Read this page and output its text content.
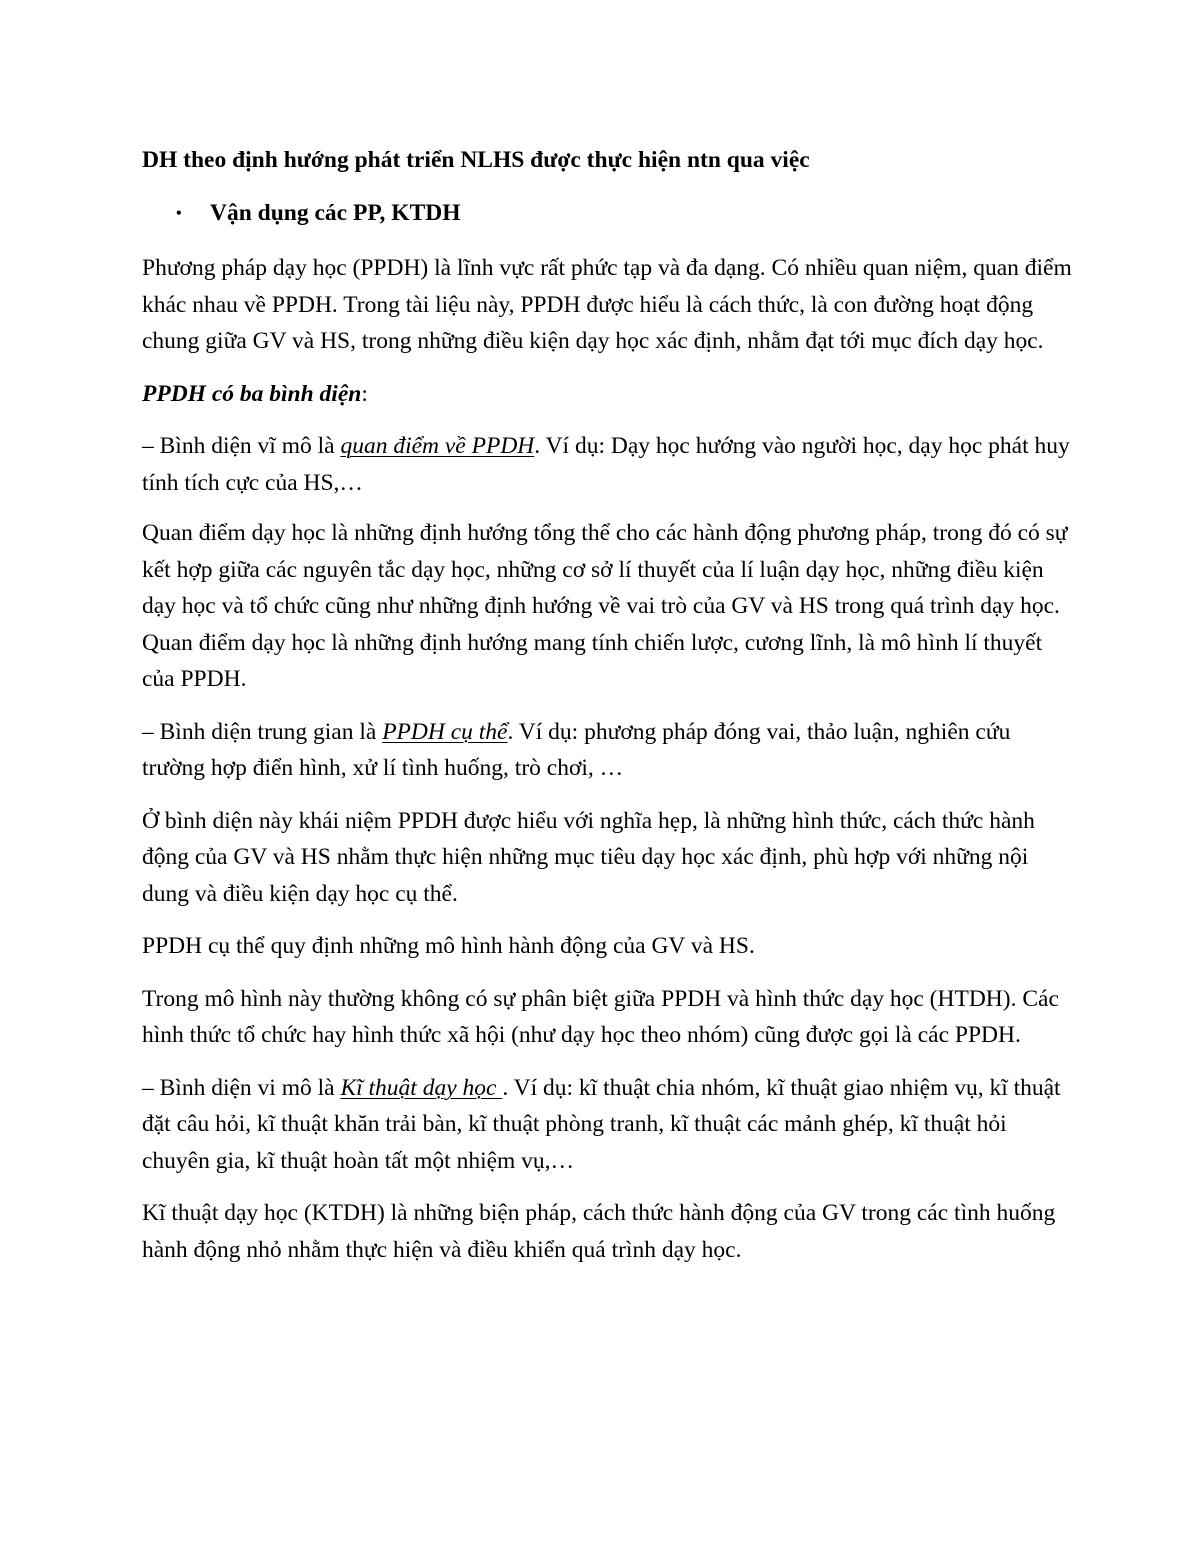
DH theo định hướng phát triển NLHS được thực hiện ntn qua việc
•	Vận dụng các PP, KTDH
Phương pháp dạy học (PPDH) là lĩnh vực rất phức tạp và đa dạng. Có nhiều quan niệm, quan điểm khác nhau về PPDH. Trong tài liệu này, PPDH được hiểu là cách thức, là con đường hoạt động chung giữa GV và HS, trong những điều kiện dạy học xác định, nhằm đạt tới mục đích dạy học.
PPDH có ba bình diện:
– Bình diện vĩ mô là quan điểm về PPDH. Ví dụ: Dạy học hướng vào người học, dạy học phát huy tính tích cực của HS,…
Quan điểm dạy học là những định hướng tổng thể cho các hành động phương pháp, trong đó có sự kết hợp giữa các nguyên tắc dạy học, những cơ sở lí thuyết của lí luận dạy học, những điều kiện dạy học và tổ chức cũng như những định hướng về vai trò của GV và HS trong quá trình dạy học. Quan điểm dạy học là những định hướng mang tính chiến lược, cương lĩnh, là mô hình lí thuyết của PPDH.
– Bình diện trung gian là PPDH cụ thể. Ví dụ: phương pháp đóng vai, thảo luận, nghiên cứu trường hợp điển hình, xử lí tình huống, trò chơi, …
Ở bình diện này khái niệm PPDH được hiểu với nghĩa hẹp, là những hình thức, cách thức hành động của GV và HS nhằm thực hiện những mục tiêu dạy học xác định, phù hợp với những nội dung và điều kiện dạy học cụ thể.
PPDH cụ thể quy định những mô hình hành động của GV và HS.
Trong mô hình này thường không có sự phân biệt giữa PPDH và hình thức dạy học (HTDH). Các hình thức tổ chức hay hình thức xã hội (như dạy học theo nhóm) cũng được gọi là các PPDH.
– Bình diện vi mô là Kĩ thuật dạy học . Ví dụ: kĩ thuật chia nhóm, kĩ thuật giao nhiệm vụ, kĩ thuật đặt câu hỏi, kĩ thuật khăn trải bàn, kĩ thuật phòng tranh, kĩ thuật các mảnh ghép, kĩ thuật hỏi chuyên gia, kĩ thuật hoàn tất một nhiệm vụ,…
Kĩ thuật dạy học (KTDH) là những biện pháp, cách thức hành động của GV trong các tình huống hành động nhỏ nhằm thực hiện và điều khiển quá trình dạy học.
